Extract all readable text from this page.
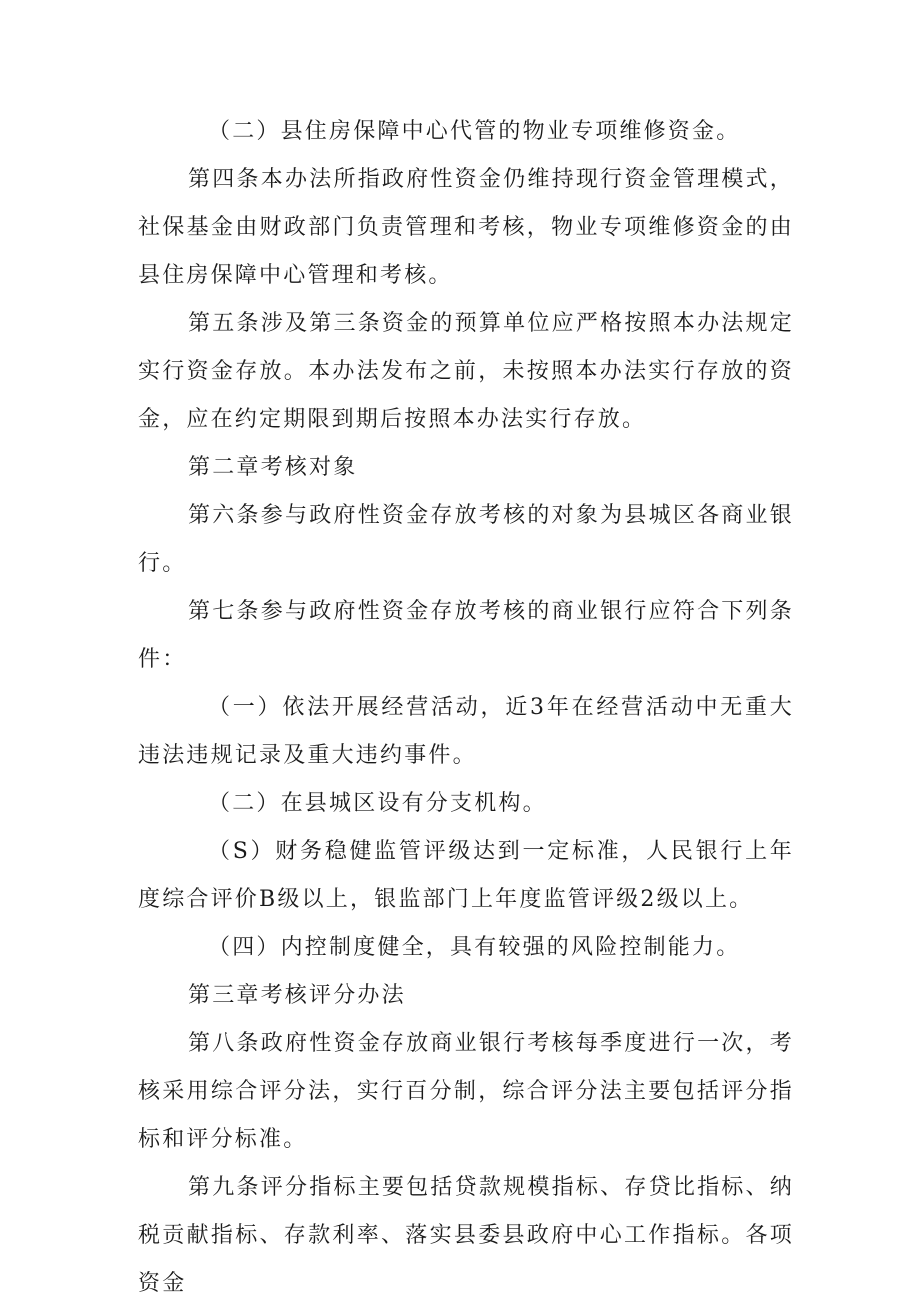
（二）县住房保障中心代管的物业专项维修资金。

第四条本办法所指政府性资金仍维持现行资金管理模式，社保基金由财政部门负责管理和考核，物业专项维修资金的由县住房保障中心管理和考核。

第五条涉及第三条资金的预算单位应严格按照本办法规定实行资金存放。本办法发布之前，未按照本办法实行存放的资金，应在约定期限到期后按照本办法实行存放。

第二章考核对象

第六条参与政府性资金存放考核的对象为县城区各商业银行。

第七条参与政府性资金存放考核的商业银行应符合下列条件：

（一）依法开展经营活动，近3年在经营活动中无重大违法违规记录及重大违约事件。

（二）在县城区设有分支机构。

（S）财务稳健监管评级达到一定标准，人民银行上年度综合评价B级以上，银监部门上年度监管评级2级以上。

（四）内控制度健全，具有较强的风险控制能力。

第三章考核评分办法

第八条政府性资金存放商业银行考核每季度进行一次，考核采用综合评分法，实行百分制，综合评分法主要包括评分指标和评分标准。

第九条评分指标主要包括贷款规模指标、存贷比指标、纳税贡献指标、存款利率、落实县委县政府中心工作指标。各项资金
